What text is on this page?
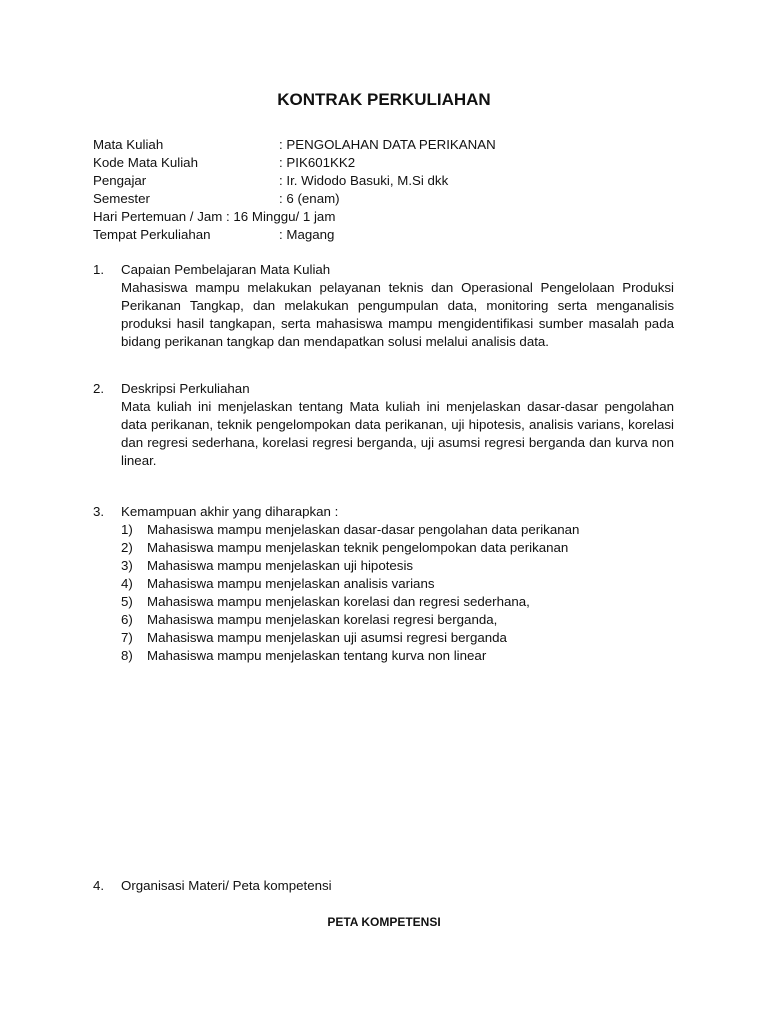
KONTRAK PERKULIAHAN
Mata Kuliah	: PENGOLAHAN DATA PERIKANAN
Kode Mata Kuliah	: PIK601KK2
Pengajar	: Ir. Widodo Basuki, M.Si dkk
Semester	: 6 (enam)
Hari Pertemuan / Jam : 16 Minggu/ 1 jam
Tempat Perkuliahan	: Magang
1. Capaian Pembelajaran Mata Kuliah
Mahasiswa mampu melakukan pelayanan teknis dan Operasional Pengelolaan Produksi Perikanan Tangkap, dan melakukan pengumpulan data, monitoring serta menganalisis produksi hasil tangkapan, serta mahasiswa mampu mengidentifikasi sumber masalah pada bidang perikanan tangkap dan mendapatkan solusi melalui analisis data.
2. Deskripsi Perkuliahan
Mata kuliah ini menjelaskan tentang Mata kuliah ini menjelaskan dasar-dasar pengolahan data perikanan, teknik pengelompokan data perikanan, uji hipotesis, analisis varians, korelasi dan regresi sederhana, korelasi regresi berganda, uji asumsi regresi berganda dan kurva non linear.
3. Kemampuan akhir yang diharapkan :
1) Mahasiswa mampu menjelaskan dasar-dasar pengolahan data perikanan
2) Mahasiswa mampu menjelaskan teknik pengelompokan data perikanan
3) Mahasiswa mampu menjelaskan uji hipotesis
4) Mahasiswa mampu menjelaskan analisis varians
5) Mahasiswa mampu menjelaskan korelasi dan regresi sederhana,
6) Mahasiswa mampu menjelaskan korelasi regresi berganda,
7) Mahasiswa mampu menjelaskan uji asumsi regresi berganda
8) Mahasiswa mampu menjelaskan tentang kurva non linear
4. Organisasi Materi/ Peta kompetensi
PETA KOMPETENSI
